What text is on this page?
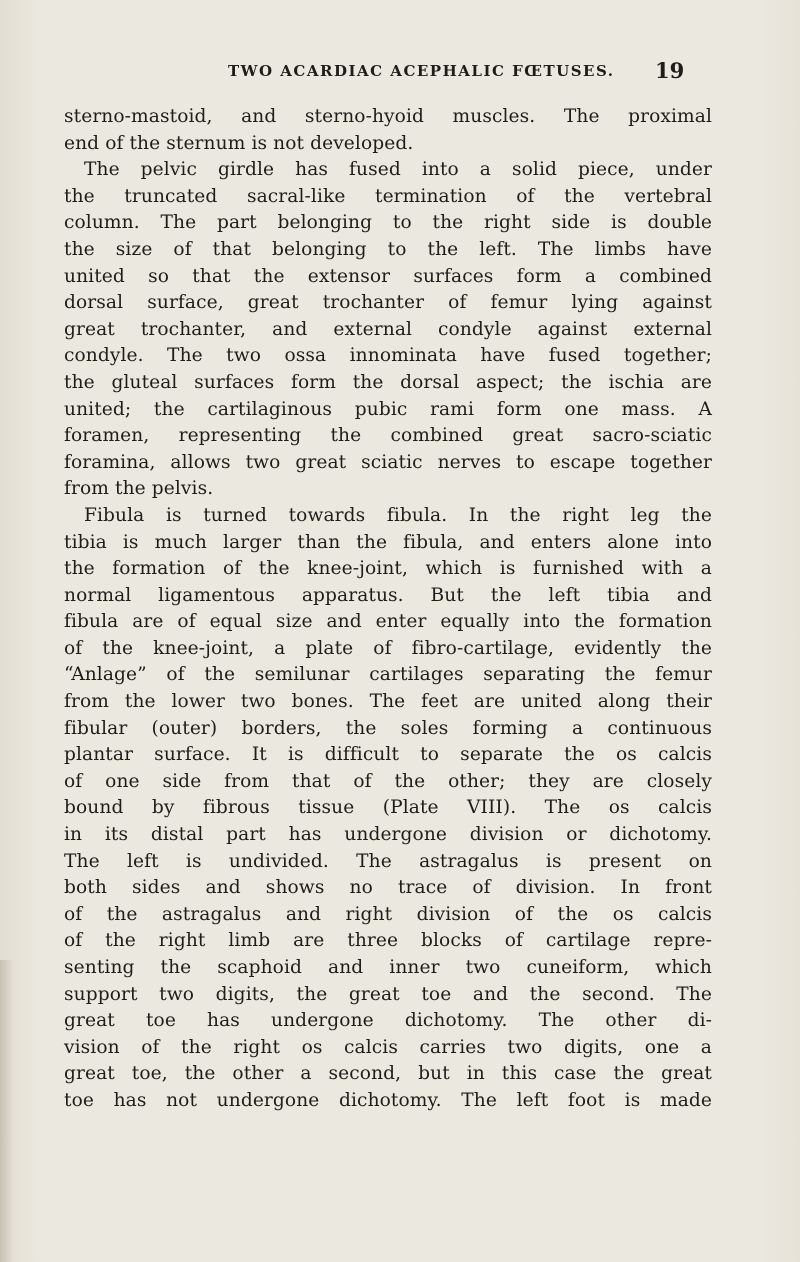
TWO ACARDIAC ACEPHALIC FŒTUSES. 19
sterno-mastoid, and sterno-hyoid muscles. The proximal
end of the sternum is not developed.
The pelvic girdle has fused into a solid piece, under
the truncated sacral-like termination of the vertebral
column. The part belonging to the right side is double
the size of that belonging to the left. The limbs have
united so that the extensor surfaces form a combined
dorsal surface, great trochanter of femur lying against
great trochanter, and external condyle against external
condyle. The two ossa innominata have fused together;
the gluteal surfaces form the dorsal aspect; the ischia are
united; the cartilaginous pubic rami form one mass. A
foramen, representing the combined great sacro-sciatic
foramina, allows two great sciatic nerves to escape together
from the pelvis.
Fibula is turned towards fibula. In the right leg the
tibia is much larger than the fibula, and enters alone into
the formation of the knee-joint, which is furnished with a
normal ligamentous apparatus. But the left tibia and
fibula are of equal size and enter equally into the formation
of the knee-joint, a plate of fibro-cartilage, evidently the
“Anlage” of the semilunar cartilages separating the femur
from the lower two bones. The feet are united along their
fibular (outer) borders, the soles forming a continuous
plantar surface. It is difficult to separate the os calcis
of one side from that of the other; they are closely
bound by fibrous tissue (Plate VIII). The os calcis
in its distal part has undergone division or dichotomy.
The left is undivided. The astragalus is present on
both sides and shows no trace of division. In front
of the astragalus and right division of the os calcis
of the right limb are three blocks of cartilage repre-
senting the scaphoid and inner two cuneiform, which
support two digits, the great toe and the second. The
great toe has undergone dichotomy. The other di-
vision of the right os calcis carries two digits, one a
great toe, the other a second, but in this case the great
toe has not undergone dichotomy. The left foot is made
